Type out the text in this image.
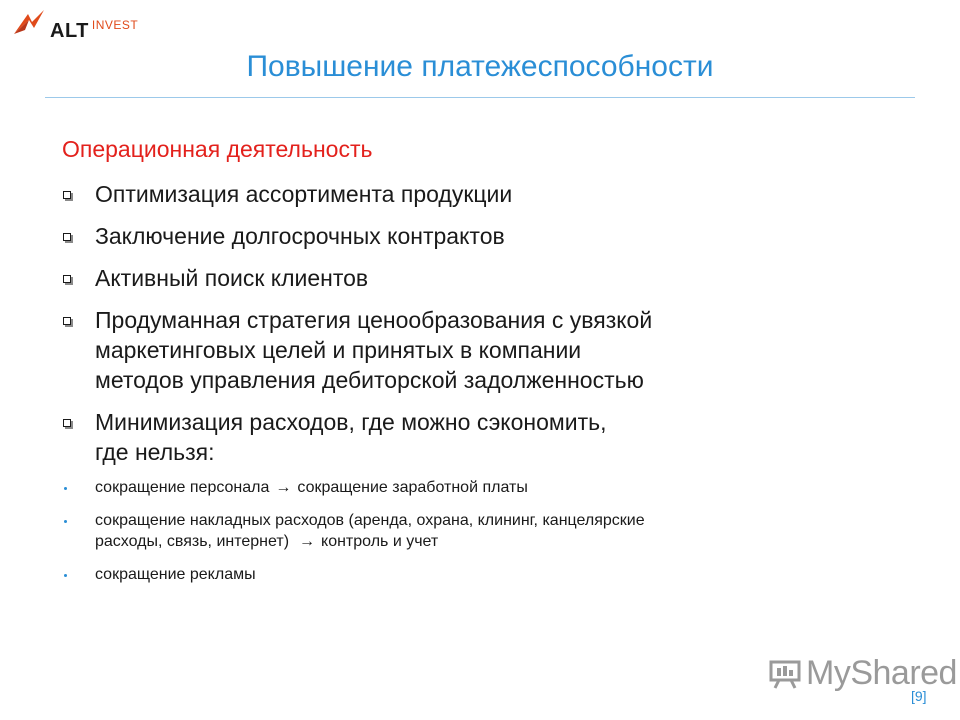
ALT INVEST
Повышение платежеспособности
Операционная деятельность
Оптимизация ассортимента продукции
Заключение долгосрочных контрактов
Активный поиск клиентов
Продуманная стратегия ценообразования с увязкой
маркетинговых целей и принятых в компании
методов управления дебиторской задолженностью
Минимизация расходов, где можно сэкономить,
где нельзя:
сокращение персонала → сокращение заработной платы
сокращение накладных расходов (аренда, охрана, клининг, канцелярские
расходы, связь, интернет) → контроль и учет
сокращение рекламы
MyShared
[9]
